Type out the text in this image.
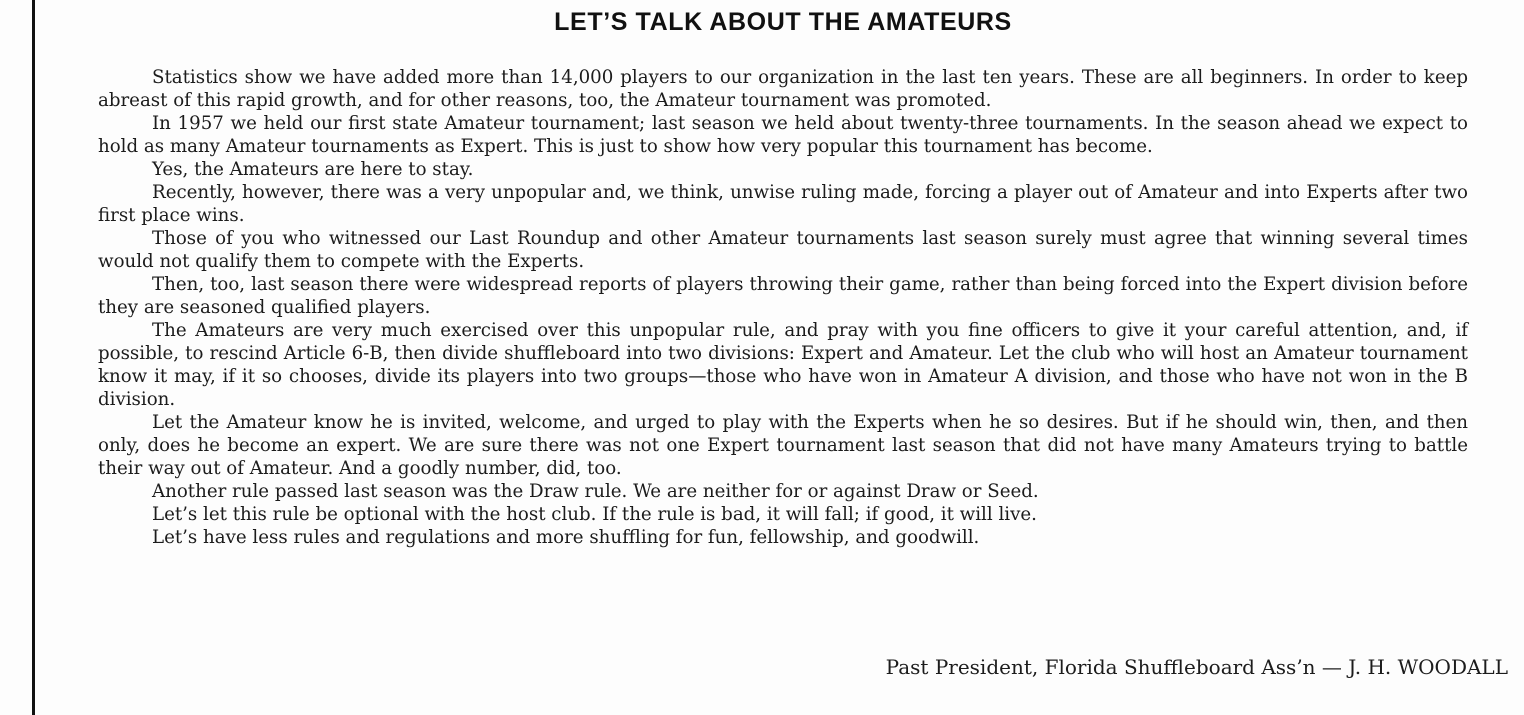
LET’S TALK ABOUT THE AMATEURS

Statistics show we have added more than 14,000 players to our organization in the last ten years. These are all beginners. In order to keep abreast of this rapid growth, and for other reasons, too, the Amateur tournament was promoted.

In 1957 we held our first state Amateur tournament; last season we held about twenty-three tournaments. In the season ahead we expect to hold as many Amateur tournaments as Expert. This is just to show how very popular this tournament has become.

Yes, the Amateurs are here to stay.

Recently, however, there was a very unpopular and, we think, unwise ruling made, forcing a player out of Amateur and into Experts after two first place wins.

Those of you who witnessed our Last Roundup and other Amateur tournaments last season surely must agree that winning several times would not qualify them to compete with the Experts.

Then, too, last season there were widespread reports of players throwing their game, rather than being forced into the Expert division before they are seasoned qualified players.

The Amateurs are very much exercised over this unpopular rule, and pray with you fine officers to give it your careful attention, and, if possible, to rescind Article 6-B, then divide shuffleboard into two divisions: Expert and Amateur. Let the club who will host an Amateur tournament know it may, if it so chooses, divide its players into two groups—those who have won in Amateur A division, and those who have not won in the B division.

Let the Amateur know he is invited, welcome, and urged to play with the Experts when he so desires. But if he should win, then, and then only, does he become an expert. We are sure there was not one Expert tournament last season that did not have many Amateurs trying to battle their way out of Amateur. And a goodly number, did, too.

Another rule passed last season was the Draw rule. We are neither for or against Draw or Seed.

Let’s let this rule be optional with the host club. If the rule is bad, it will fall; if good, it will live.

Let’s have less rules and regulations and more shuffling for fun, fellowship, and goodwill.

Past President, Florida Shuffleboard Ass’n — J. H. WOODALL
